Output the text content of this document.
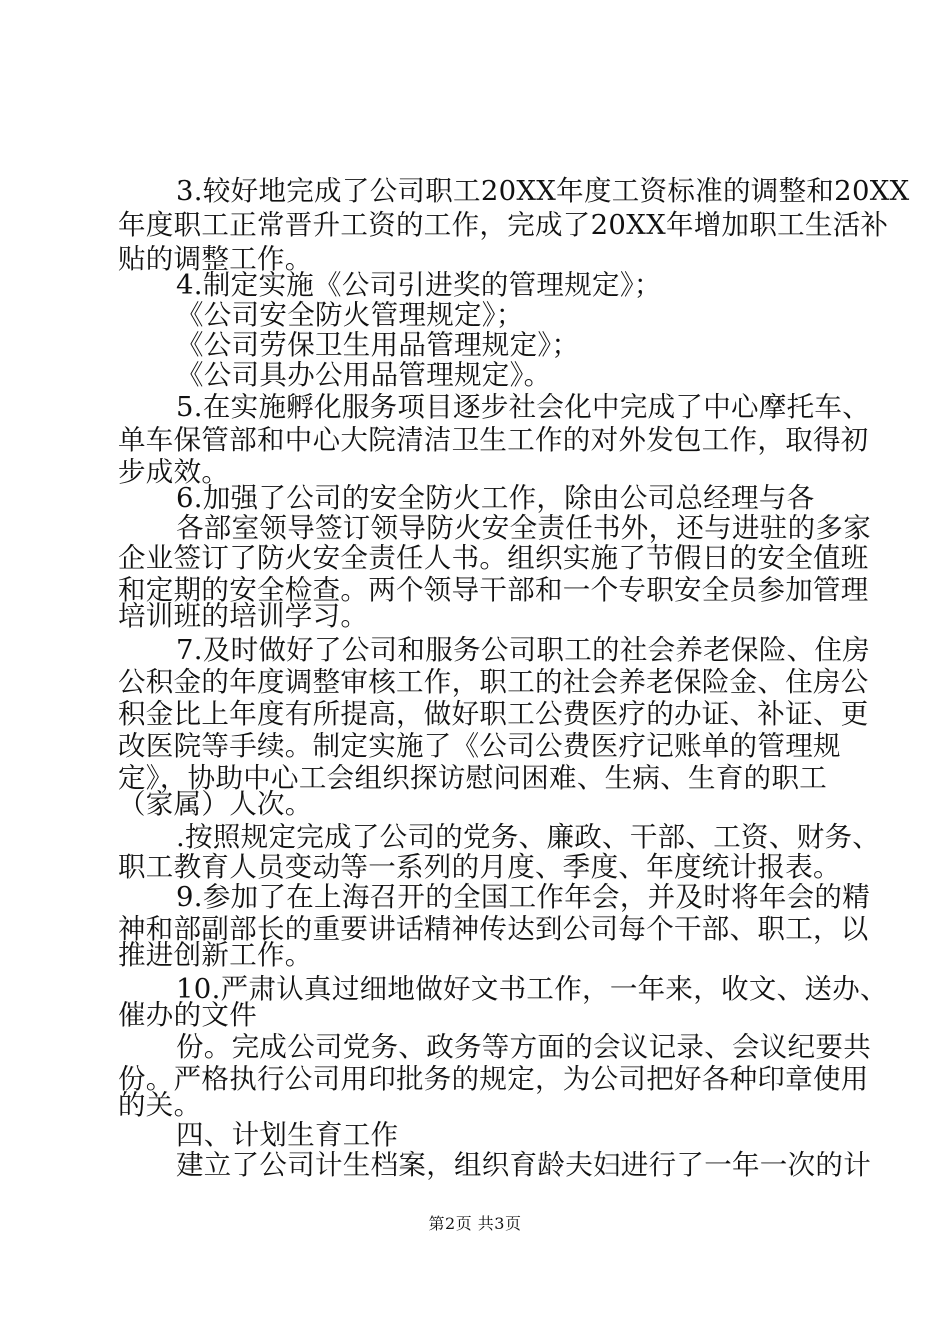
3.较好地完成了公司职工20XX年度工资标准的调整和20XX
年度职工正常晋升工资的工作，完成了20XX年增加职工生活补
贴的调整工作。
4.制定实施《公司引进奖的管理规定》；
《公司安全防火管理规定》；
《公司劳保卫生用品管理规定》；
《公司具办公用品管理规定》。
5.在实施孵化服务项目逐步社会化中完成了中心摩托车、
单车保管部和中心大院清洁卫生工作的对外发包工作，取得初
步成效。
6.加强了公司的安全防火工作，除由公司总经理与各
各部室领导签订领导防火安全责任书外，还与进驻的多家
企业签订了防火安全责任人书。组织实施了节假日的安全值班
和定期的安全检查。两个领导干部和一个专职安全员参加管理
培训班的培训学习。
7.及时做好了公司和服务公司职工的社会养老保险、住房
公积金的年度调整审核工作，职工的社会养老保险金、住房公
积金比上年度有所提高，做好职工公费医疗的办证、补证、更
改医院等手续。制定实施了《公司公费医疗记账单的管理规
定》，协助中心工会组织探访慰问困难、生病、生育的职工
（家属）人次。
.按照规定完成了公司的党务、廉政、干部、工资、财务、
职工教育人员变动等一系列的月度、季度、年度统计报表。
9.参加了在上海召开的全国工作年会，并及时将年会的精
神和部副部长的重要讲话精神传达到公司每个干部、职工，以
推进创新工作。
10.严肃认真过细地做好文书工作，一年来，收文、送办、
催办的文件
份。完成公司党务、政务等方面的会议记录、会议纪要共
份。严格执行公司用印批务的规定，为公司把好各种印章使用
的关。
四、计划生育工作
建立了公司计生档案，组织育龄夫妇进行了一年一次的计
第2页 共3页
